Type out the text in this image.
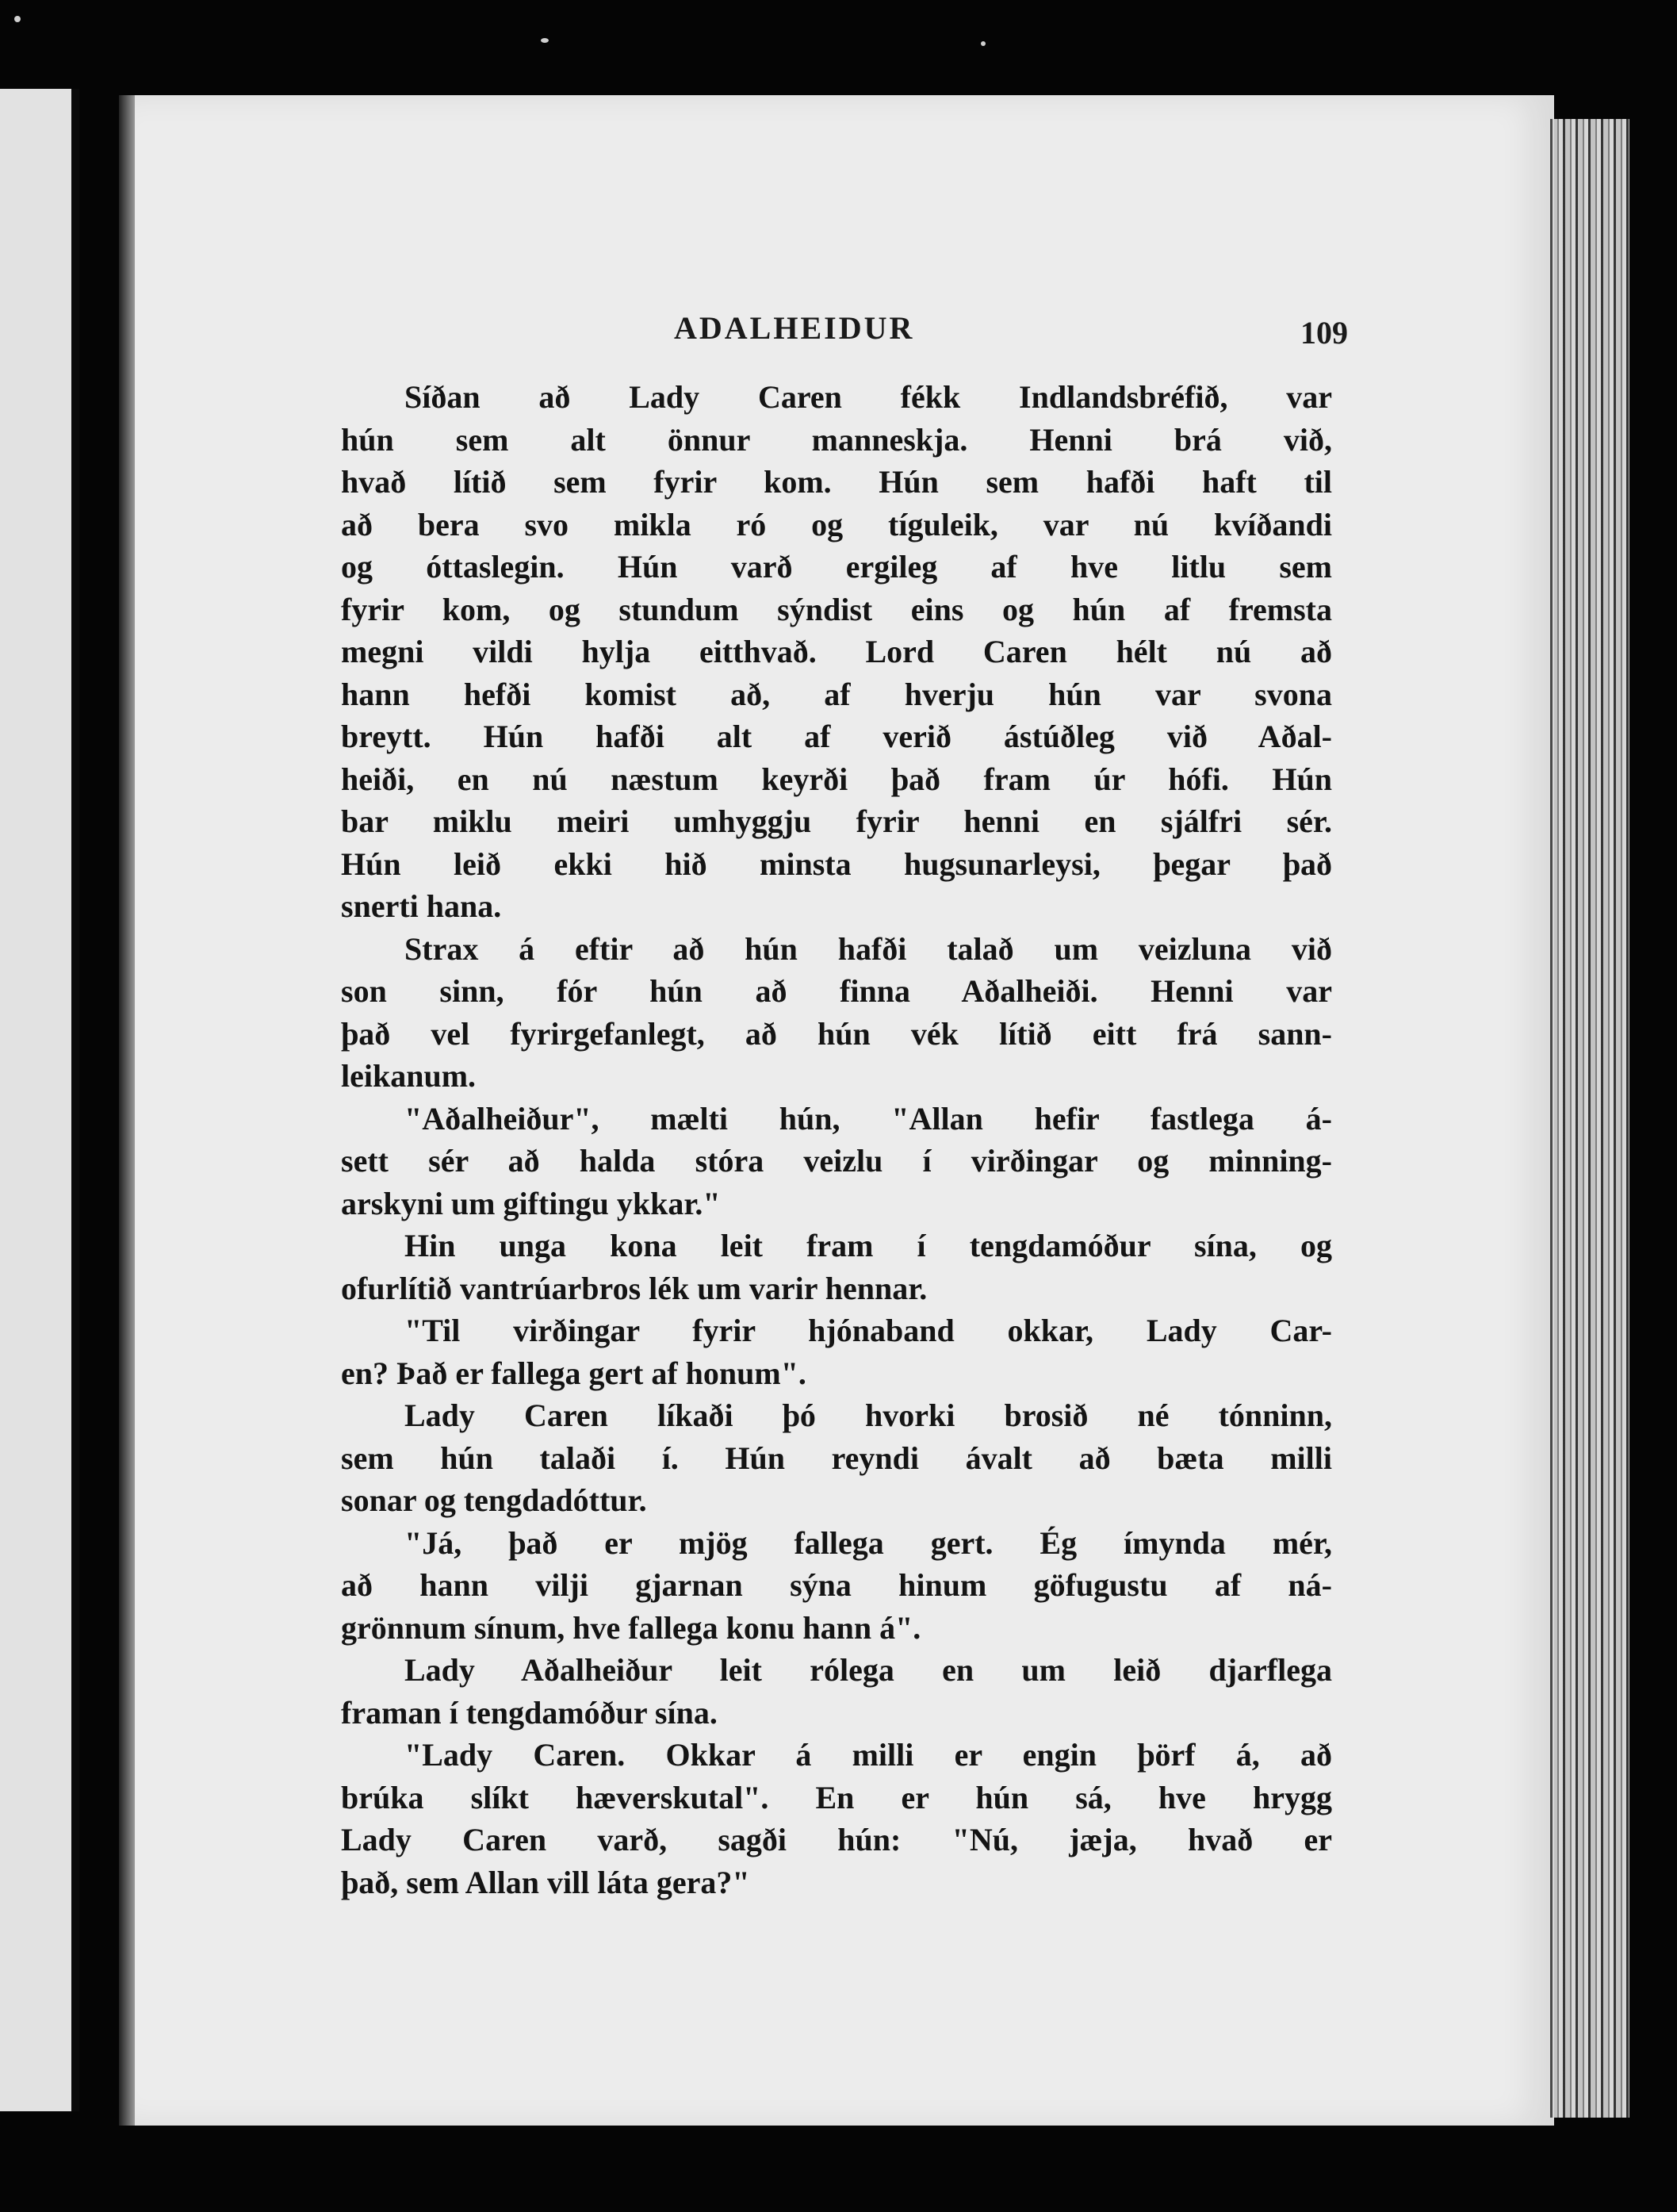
ADALHEIDUR	109
Síðan að Lady Caren fékk Indlandsbréfið, var
hún sem alt önnur manneskja. Henni brá við,
hvað lítið sem fyrir kom. Hún sem hafði haft til
að bera svo mikla ró og tíguleik, var nú kvíðandi
og óttaslegin. Hún varð ergileg af hve litlu sem
fyrir kom, og stundum sýndist eins og hún af fremsta
megni vildi hylja eitthvað. Lord Caren hélt nú að
hann hefði komist að, af hverju hún var svona
breytt. Hún hafði alt af verið ástúðleg við Aðal-
heiði, en nú næstum keyrði það fram úr hófi. Hún
bar miklu meiri umhyggju fyrir henni en sjálfri sér.
Hún leið ekki hið minsta hugsunarleysi, þegar það
snerti hana.
Strax á eftir að hún hafði talað um veizluna við
son sinn, fór hún að finna Aðalheiði. Henni var
það vel fyrirgefanlegt, að hún vék lítið eitt frá sann-
leikanum.
"Aðalheiður", mælti hún, "Allan hefir fastlega á-
sett sér að halda stóra veizlu í virðingar og minning-
arskyni um giftingu ykkar."
Hin unga kona leit fram í tengdamóður sína, og
ofurlítið vantrúarbros lék um varir hennar.
"Til virðingar fyrir hjónaband okkar, Lady Car-
en? Það er fallega gert af honum".
Lady Caren líkaði þó hvorki brosið né tónninn,
sem hún talaði í. Hún reyndi ávalt að bæta milli
sonar og tengdadóttur.
"Já, það er mjög fallega gert. Ég ímynda mér,
að hann vilji gjarnan sýna hinum göfugustu af ná-
grönnum sínum, hve fallega konu hann á".
Lady Aðalheiður leit rólega en um leið djarflega
framan í tengdamóður sína.
"Lady Caren. Okkar á milli er engin þörf á, að
brúka slíkt hæverskutal". En er hún sá, hve hrygg
Lady Caren varð, sagði hún: "Nú, jæja, hvað er
það, sem Allan vill láta gera?"
